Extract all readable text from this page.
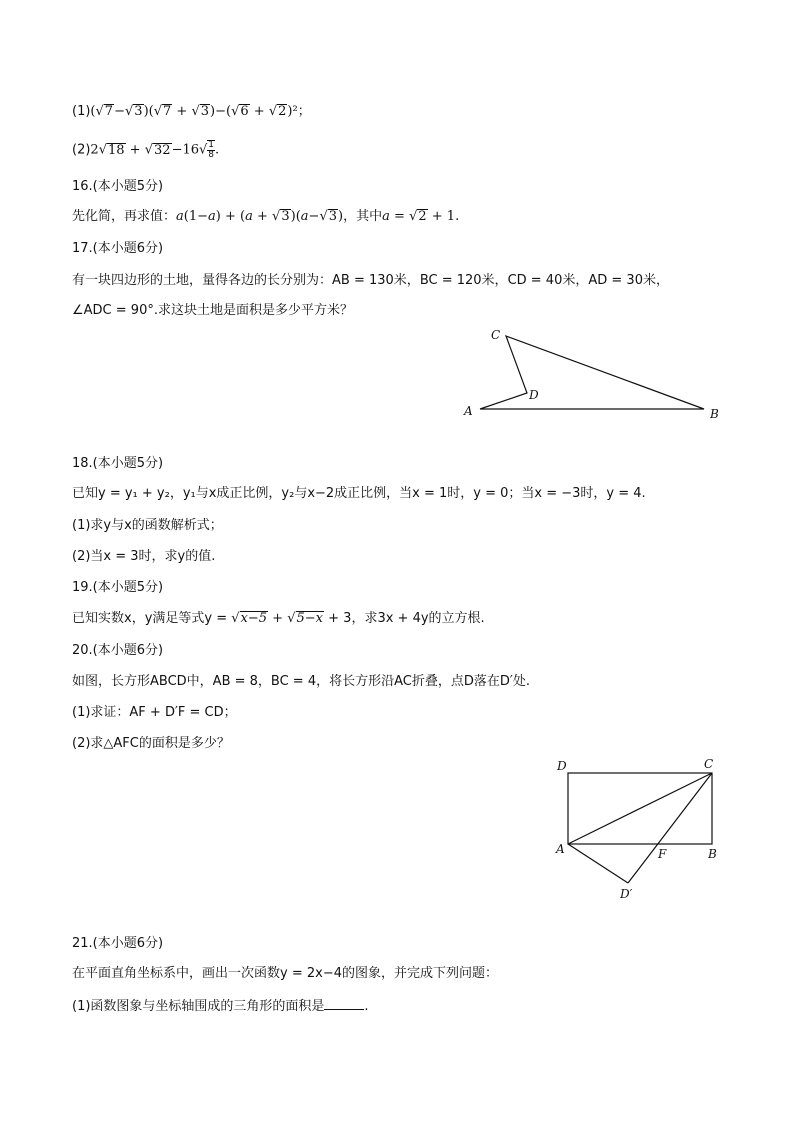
(1)(√7−√3)(√7 + √3)−(√6 + √2)²；
$(2)2√18 + √32-16√ \frac{1}{8}$ .
16.(本小题5分)
先化简，再求值：a(1−a) + (a + √3)(a−√3)，其中a = √2 + 1.
17.(本小题6分)
有一块四边形的土地，量得各边的长分别为：AB = 130米，BC = 120米，CD = 40米，AD = 30米，
∠ADC = 90°.求这块土地是面积是多少平方米？
C
D
A	B
18.(本小题5分)
已知y = y₁ + y₂，y₁与x成正比例，y₂与x−2成正比例，当x = 1时，y = 0；当x = −3时，y = 4.
(1)求y与x的函数解析式；
(2)当x = 3时，求y的值.
19.(本小题5分)
已知实数x，y满足等式y = √x−5 + √5−x + 3，求3x + 4y的立方根.
20.(本小题6分)
如图，长方形ABCD中，AB = 8，BC = 4，将长方形沿AC折叠，点D落在D′处.
(1)求证：AF + D′F = CD；
(2)求△AFC的面积是多少？
D	C
A	F	B
D′
21.(本小题6分)
在平面直角坐标系中，画出一次函数y = 2x−4的图象，并完成下列问题：
(1)函数图象与坐标轴围成的三角形的面积是	.
